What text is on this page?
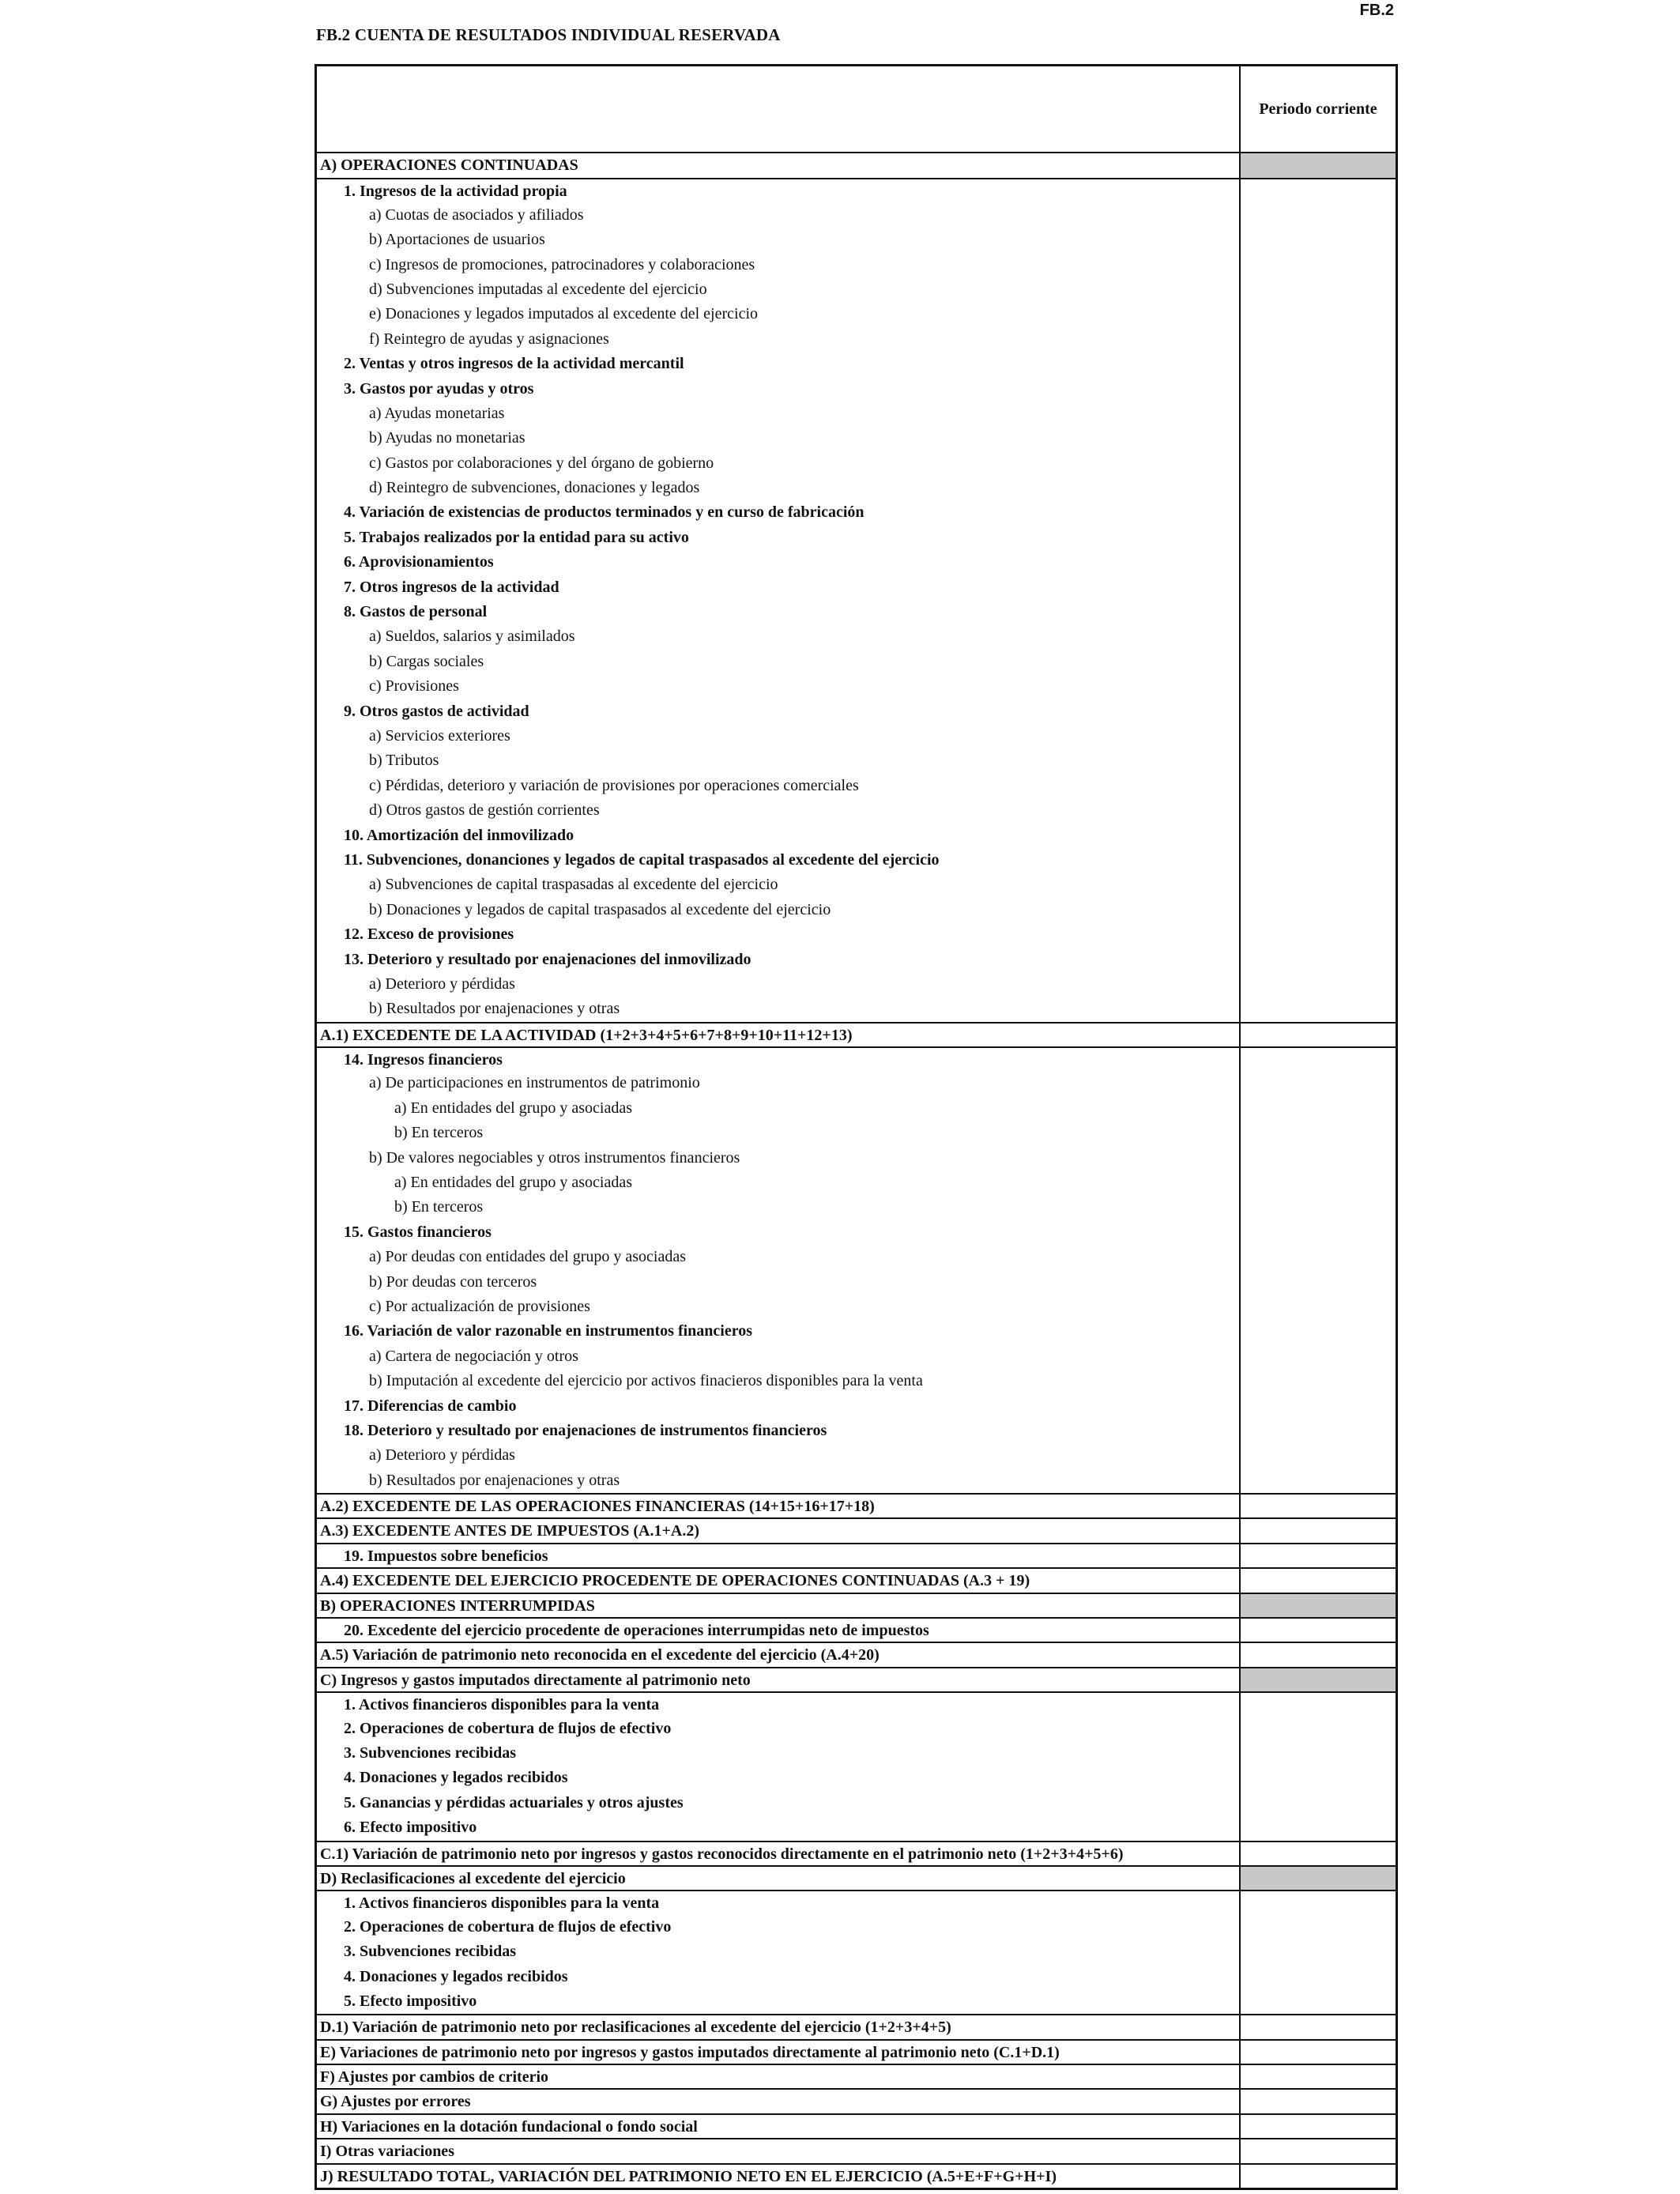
FB.2
FB.2 CUENTA DE RESULTADOS INDIVIDUAL RESERVADA
Periodo corriente
A) OPERACIONES CONTINUADAS
1. Ingresos de la actividad propia
a) Cuotas de asociados y afiliados
b) Aportaciones de usuarios
c) Ingresos de promociones, patrocinadores y colaboraciones
d) Subvenciones imputadas al excedente del ejercicio
e) Donaciones y legados imputados al excedente del ejercicio
f) Reintegro de ayudas y asignaciones
2. Ventas y otros ingresos de la actividad mercantil
3. Gastos por ayudas y otros
a) Ayudas monetarias
b) Ayudas no monetarias
c) Gastos por colaboraciones y del órgano de gobierno
d) Reintegro de subvenciones, donaciones y legados
4. Variación de existencias de productos terminados y en curso de fabricación
5. Trabajos realizados por la entidad para su activo
6. Aprovisionamientos
7. Otros ingresos de la actividad
8. Gastos de personal
a) Sueldos, salarios y asimilados
b) Cargas sociales
c) Provisiones
9. Otros gastos de actividad
a) Servicios exteriores
b) Tributos
c) Pérdidas, deterioro y variación de provisiones por operaciones comerciales
d) Otros gastos de gestión corrientes
10. Amortización del inmovilizado
11. Subvenciones, donanciones y legados de capital traspasados al excedente del ejercicio
a) Subvenciones de capital traspasadas al excedente del ejercicio
b) Donaciones y legados de capital traspasados al excedente del ejercicio
12. Exceso de provisiones
13. Deterioro y resultado por enajenaciones del inmovilizado
a) Deterioro y pérdidas
b) Resultados por enajenaciones y otras
A.1) EXCEDENTE DE LA ACTIVIDAD (1+2+3+4+5+6+7+8+9+10+11+12+13)
14. Ingresos financieros
a) De participaciones en instrumentos de patrimonio
a) En entidades del grupo y asociadas
b) En terceros
b) De valores negociables y otros instrumentos financieros
a) En entidades del grupo y asociadas
b) En terceros
15. Gastos financieros
a) Por deudas con entidades del grupo y asociadas
b) Por deudas con terceros
c) Por actualización de provisiones
16. Variación de valor razonable en instrumentos financieros
a) Cartera de negociación y otros
b) Imputación al excedente del ejercicio por activos finacieros disponibles para la venta
17. Diferencias de cambio
18. Deterioro y resultado por enajenaciones de instrumentos financieros
a) Deterioro y pérdidas
b) Resultados por enajenaciones y otras
A.2) EXCEDENTE DE LAS OPERACIONES FINANCIERAS (14+15+16+17+18)
A.3) EXCEDENTE ANTES DE IMPUESTOS (A.1+A.2)
19. Impuestos sobre beneficios
A.4) EXCEDENTE DEL EJERCICIO PROCEDENTE DE OPERACIONES CONTINUADAS (A.3 + 19)
B) OPERACIONES INTERRUMPIDAS
20. Excedente del ejercicio procedente de operaciones interrumpidas neto de impuestos
A.5) Variación de patrimonio neto reconocida en el excedente del ejercicio (A.4+20)
C) Ingresos y gastos imputados directamente al patrimonio neto
1. Activos financieros disponibles para la venta
2. Operaciones de cobertura de flujos de efectivo
3. Subvenciones recibidas
4. Donaciones y legados recibidos
5. Ganancias y pérdidas actuariales y otros ajustes
6. Efecto impositivo
C.1) Variación de patrimonio neto por ingresos y gastos reconocidos directamente en el patrimonio neto (1+2+3+4+5+6)
D) Reclasificaciones al excedente del ejercicio
1. Activos financieros disponibles para la venta
2. Operaciones de cobertura de flujos de efectivo
3. Subvenciones recibidas
4. Donaciones y legados recibidos
5. Efecto impositivo
D.1) Variación de patrimonio neto por reclasificaciones al excedente del ejercicio (1+2+3+4+5)
E) Variaciones de patrimonio neto por ingresos y gastos imputados directamente al patrimonio neto (C.1+D.1)
F) Ajustes por cambios de criterio
G) Ajustes por errores
H) Variaciones en la dotación fundacional o fondo social
I) Otras variaciones
J) RESULTADO TOTAL, VARIACIÓN DEL PATRIMONIO NETO EN EL EJERCICIO (A.5+E+F+G+H+I)
